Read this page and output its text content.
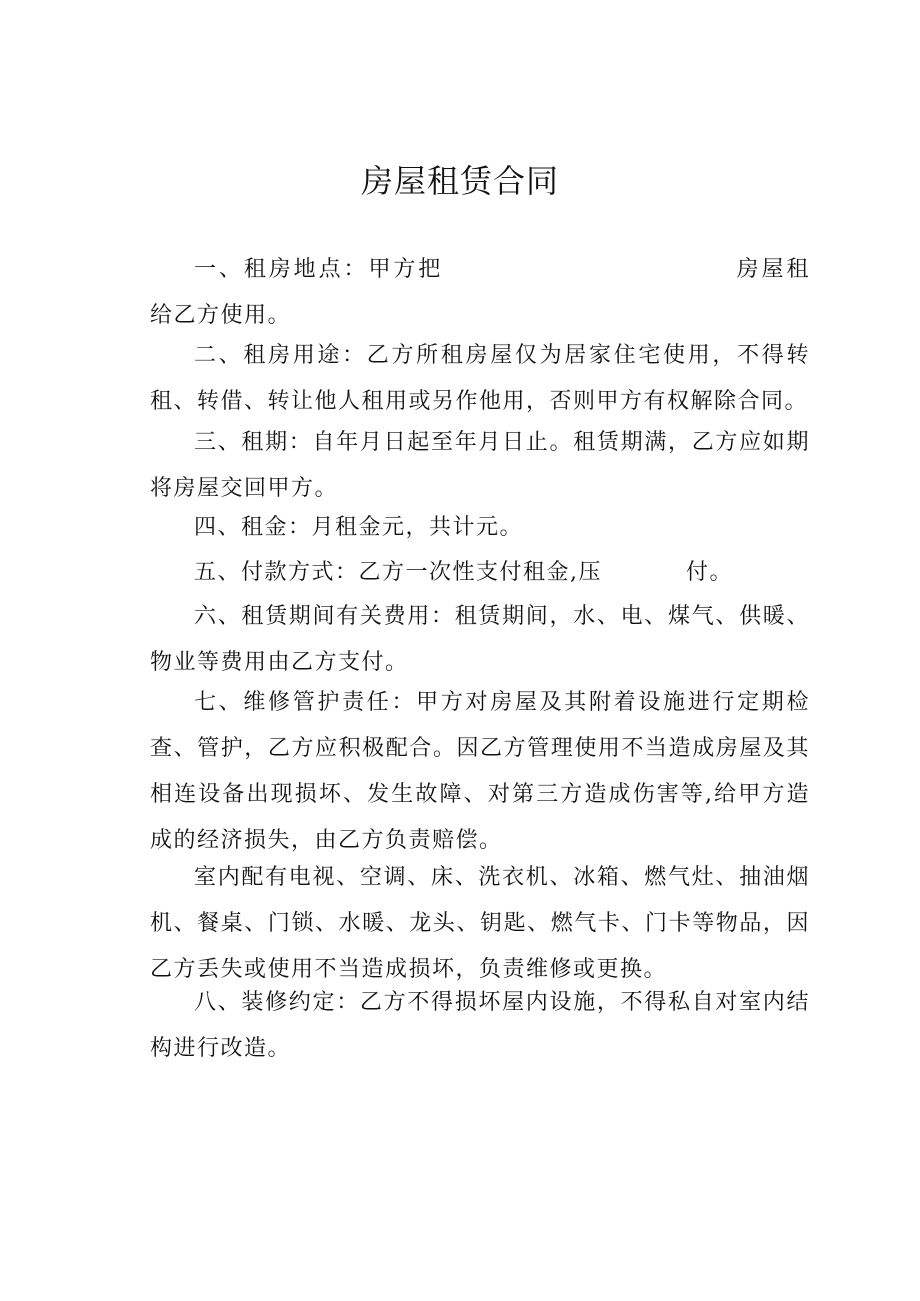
房屋租赁合同

一、租房地点：甲方把	房屋租给乙方使用。

二、租房用途：乙方所租房屋仅为居家住宅使用，不得转租、转借、转让他人租用或另作他用，否则甲方有权解除合同。

三、租期：自年月日起至年月日止。租赁期满，乙方应如期将房屋交回甲方。

四、租金：月租金元，共计元。

五、付款方式：乙方一次性支付租金,压	付。

六、租赁期间有关费用：租赁期间，水、电、煤气、供暖、物业等费用由乙方支付。

七、维修管护责任：甲方对房屋及其附着设施进行定期检查、管护，乙方应积极配合。因乙方管理使用不当造成房屋及其相连设备出现损坏、发生故障、对第三方造成伤害等,给甲方造成的经济损失，由乙方负责赔偿。

室内配有电视、空调、床、洗衣机、冰箱、燃气灶、抽油烟机、餐桌、门锁、水暖、龙头、钥匙、燃气卡、门卡等物品，因乙方丢失或使用不当造成损坏，负责维修或更换。

八、装修约定：乙方不得损坏屋内设施，不得私自对室内结构进行改造。
